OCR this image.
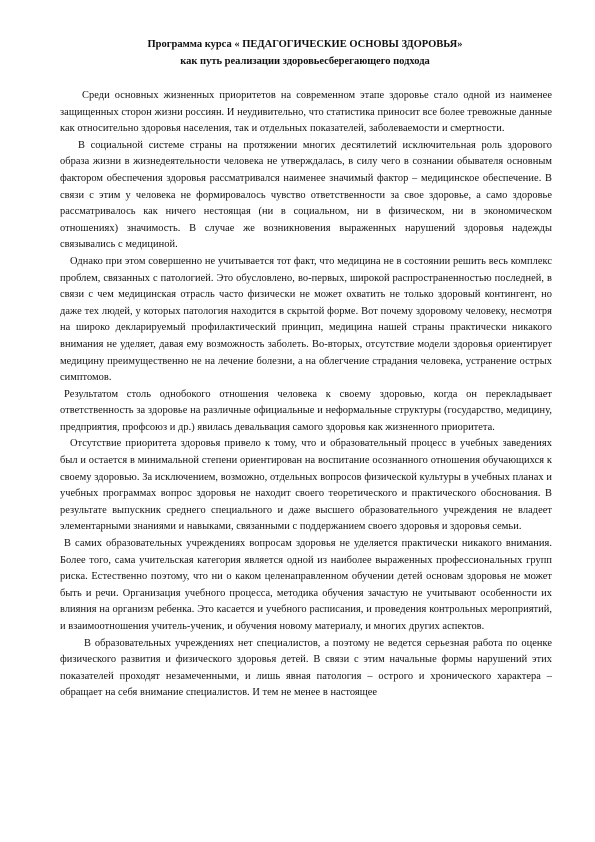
Программа курса « ПЕДАГОГИЧЕСКИЕ ОСНОВЫ ЗДОРОВЬЯ»
как путь реализации здоровьесберегающего подхода

Среди основных жизненных приоритетов на современном этапе здоровье стало одной из наименее защищенных сторон жизни россиян. И неудивительно, что статистика приносит все более тревожные данные как относительно здоровья населения, так и отдельных показателей, заболеваемости и смертности.

В социальной системе страны на протяжении многих десятилетий исключительная роль здорового образа жизни в жизнедеятельности человека не утверждалась, в силу чего в сознании обывателя основным фактором обеспечения здоровья рассматривался наименее значимый фактор – медицинское обеспечение. В связи с этим у человека не формировалось чувство ответственности за свое здоровье, а само здоровье рассматривалось как ничего нестоящая (ни в социальном, ни в физическом, ни в экономическом отношениях) значимость. В случае же возникновения выраженных нарушений здоровья надежды связывались с медициной.

Однако при этом совершенно не учитывается тот факт, что медицина не в состоянии решить весь комплекс проблем, связанных с патологией. Это обусловлено, во-первых, широкой распространенностью последней, в связи с чем медицинская отрасль часто физически не может охватить не только здоровый контингент, но даже тех людей, у которых патология находится в скрытой форме. Вот почему здоровому человеку, несмотря на широко декларируемый профилактический принцип, медицина нашей страны практически никакого внимания не уделяет, давая ему возможность заболеть. Во-вторых, отсутствие модели здоровья ориентирует медицину преимущественно не на лечение болезни, а на облегчение страдания человека, устранение острых симптомов.

Результатом столь однобокого отношения человека к своему здоровью, когда он перекладывает ответственность за здоровье на различные официальные и неформальные структуры (государство, медицину, предприятия, профсоюз и др.) явилась девальвация самого здоровья как жизненного приоритета.

Отсутствие приоритета здоровья привело к тому, что и образовательный процесс в учебных заведениях был и остается в минимальной степени ориентирован на воспитание осознанного отношения обучающихся к своему здоровью. За исключением, возможно, отдельных вопросов физической культуры в учебных планах и учебных программах вопрос здоровья не находит своего теоретического и практического обоснования. В результате выпускник среднего специального и даже высшего образовательного учреждения не владеет элементарными знаниями и навыками, связанными с поддержанием своего здоровья и здоровья семьи.

В самих образовательных учреждениях вопросам здоровья не уделяется практически никакого внимания. Более того, сама учительская категория является одной из наиболее выраженных профессиональных групп риска. Естественно поэтому, что ни о каком целенаправленном обучении детей основам здоровья не может быть и речи. Организация учебного процесса, методика обучения зачастую не учитывают особенности их влияния на организм ребенка. Это касается и учебного расписания, и проведения контрольных мероприятий, и взаимоотношения учитель-ученик, и обучения новому материалу, и многих других аспектов.

В образовательных учреждениях нет специалистов, а поэтому не ведется серьезная работа по оценке физического развития и физического здоровья детей. В связи с этим начальные формы нарушений этих показателей проходят незамеченными, и лишь явная патология – острого и хронического характера – обращает на себя внимание специалистов. И тем не менее в настоящее
